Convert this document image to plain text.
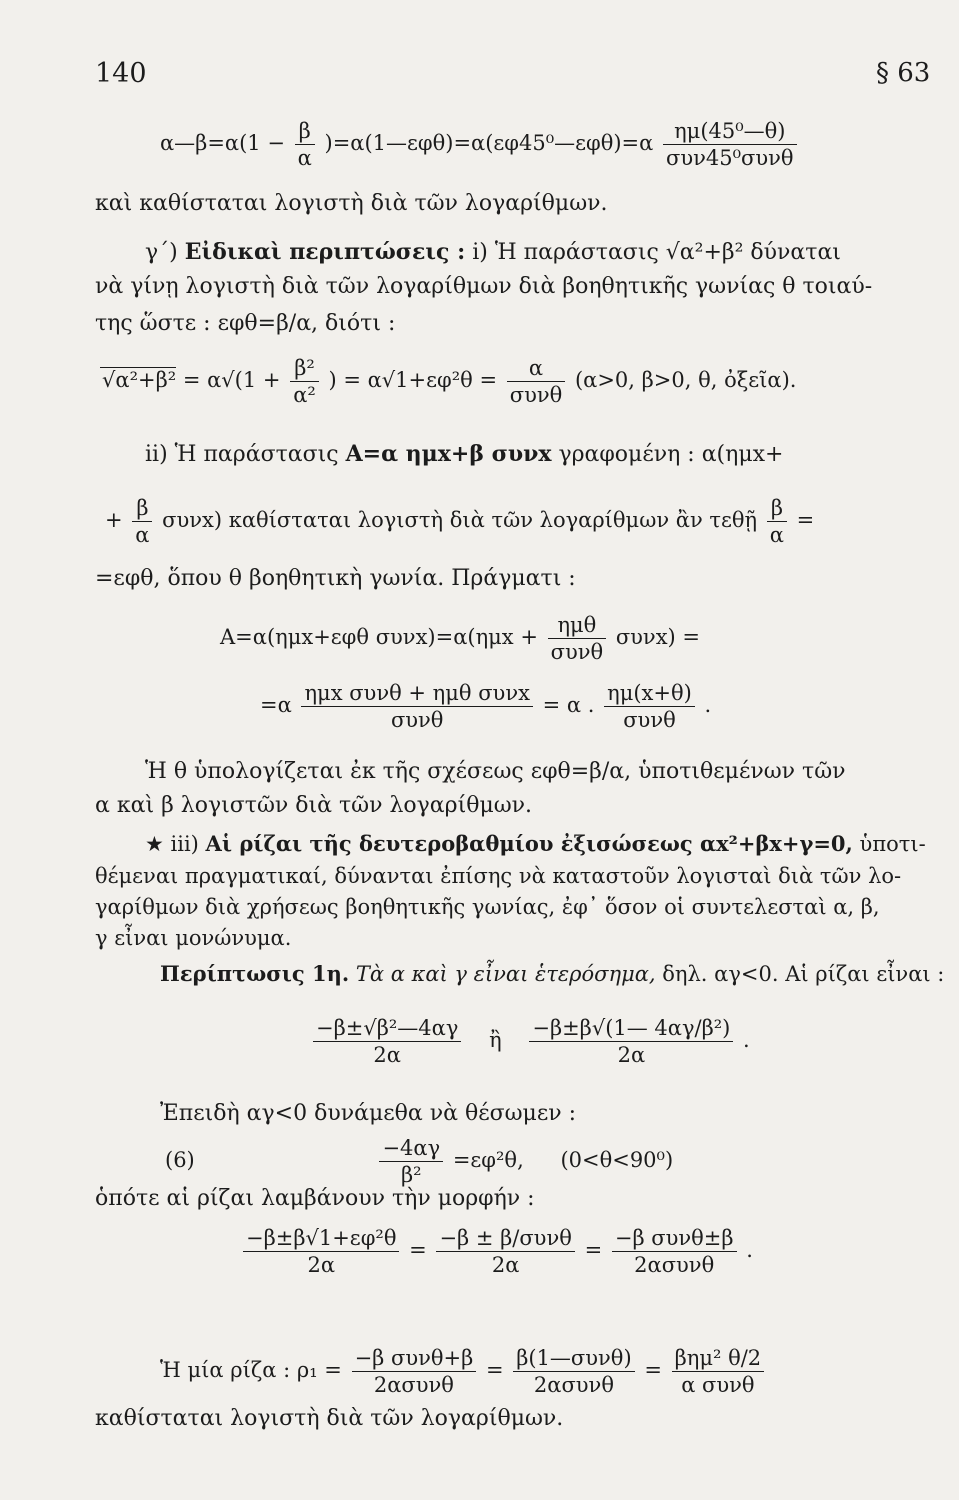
140	§ 63
α—β=α(1 − $\frac{\beta}{\alpha}$ )=α(1—εφθ)=α(εφ45⁰—εφθ)=α $\frac{\text{ημ(45⁰—θ)}}{\text{συν45⁰συνθ}}$
καὶ καθίσταται λογιστὴ διὰ τῶν λογαρίθμων.
γ΄) Εἰδικαὶ περιπτώσεις : i) Ἡ παράστασις √α²+β² δύναται
νὰ γίνῃ λογιστὴ διὰ τῶν λογαρίθμων διὰ βοηθητικῆς γωνίας θ τοιαύ-
της ὥστε : εφθ=β/α, διότι :
$√\alpha^2+\beta^2 = \alpha√(1 + \frac{\text{β²}}{\text{α²}}$ ) = $\alpha√1+\varepsilon\varphi^2\theta = \frac{\alpha}{\text{συνθ}} (\alpha>0$, β>0, θ, ὀξεῖα).
ii) Ἡ παράστασις Α=α ημx+β συνx γραφομένη : α(ημx+
+ $\frac{\beta}{\alpha} \sigma\upsilon\nu x$) καθίσταται λογιστὴ διὰ τῶν λογαρίθμων ἂν τεθῇ $\frac{\beta}{\alpha}$ =
=εφθ, ὅπου θ βοηθητικὴ γωνία. Πράγματι :
Α=α(ημx+εφθ $\sigma\upsilon\nu x)=\alpha(\eta\mu x + \frac{\text{ημθ}}{\text{συνθ}} \sigma\upsilon\nu x)$ =
$=\alpha \frac{\text{ημx συνθ + ημθ συνx}}{\text{συνθ}} = \alpha$ . $\frac{\eta\mu(x+\theta)}{\text{συνθ}}$ .
Ἡ θ ὑπολογίζεται ἐκ τῆς σχέσεως εφθ=β/α, ὑποτιθεμένων τῶν
α καὶ β λογιστῶν διὰ τῶν λογαρίθμων.
★ iii) Αἱ ρίζαι τῆς δευτεροβαθμίου ἐξισώσεως αx²+βx+γ=0, ὑποτι-
θέμεναι πραγματικαί, δύνανται ἐπίσης νὰ καταστοῦν λογισταὶ διὰ τῶν λο-
γαρίθμων διὰ χρήσεως βοηθητικῆς γωνίας, ἐφ᾽ ὅσον οἱ συντελεσταὶ α, β,
γ εἶναι μονώνυμα.
Περίπτωσις 1η. Τὰ α καὶ γ εἶναι ἑτερόσημα, δηλ. αγ<0. Αἱ ρίζαι εἶναι :
$\frac{\text{−β±√β²—4αγ}}{2\alpha}$ ἢ $\frac{\text{−β±β√(1— 4αγ/β²)}}{2\alpha}$ .
Ἐπειδὴ αγ<0 δυνάμεθα νὰ θέσωμεν :
(6)	$\frac{-4\alpha\gamma}{\text{β²}} =\varepsilon\varphi^2\theta$, (0<θ<90⁰)
ὁπότε αἱ ρίζαι λαμβάνουν τὴν μορφήν :
$\frac{\text{−β±β√1+εφ²θ}}{2\alpha} = \frac{\text{−β ± β/συνθ}}{2\alpha} = \frac{\text{−β συνθ±β}}{\text{2ασυνθ}}$ .
Ἡ μία ρίζα : $\rho_1 = \frac{\text{−β συνθ+β}}{\text{2ασυνθ}} = \frac{\text{β(1—συνθ)}}{\text{2ασυνθ}} = \frac{\text{βημ² θ/2}}{\text{α συνθ}}$
καθίσταται λογιστὴ διὰ τῶν λογαρίθμων.
